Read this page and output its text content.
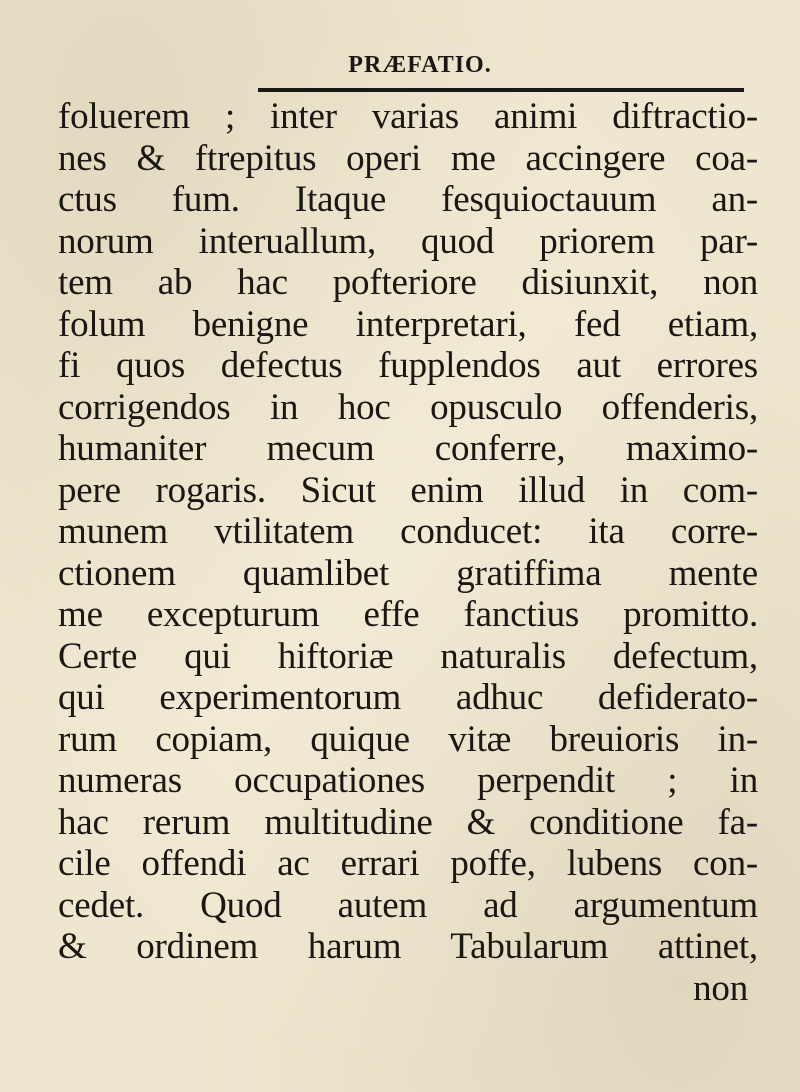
PRÆFATIO.
foluerem ; inter varias animi diftractio-
nes & ftrepitus operi me accingere coa-
ctus fum. Itaque fesquioctauum an-
norum interuallum, quod priorem par-
tem ab hac pofteriore disiunxit, non
folum benigne interpretari, fed etiam,
fi quos defectus fupplendos aut errores
corrigendos in hoc opusculo offenderis,
humaniter mecum conferre, maximo-
pere rogaris. Sicut enim illud in com-
munem vtilitatem conducet: ita corre-
ctionem quamlibet gratiffima mente
me excepturum effe fanctius promitto.
Certe qui hiftoriæ naturalis defectum,
qui experimentorum adhuc defiderato-
rum copiam, quique vitæ breuioris in-
numeras occupationes perpendit ; in
hac rerum multitudine & conditione fa-
cile offendi ac errari poffe, lubens con-
cedet. Quod autem ad argumentum
& ordinem harum Tabularum attinet,
non
